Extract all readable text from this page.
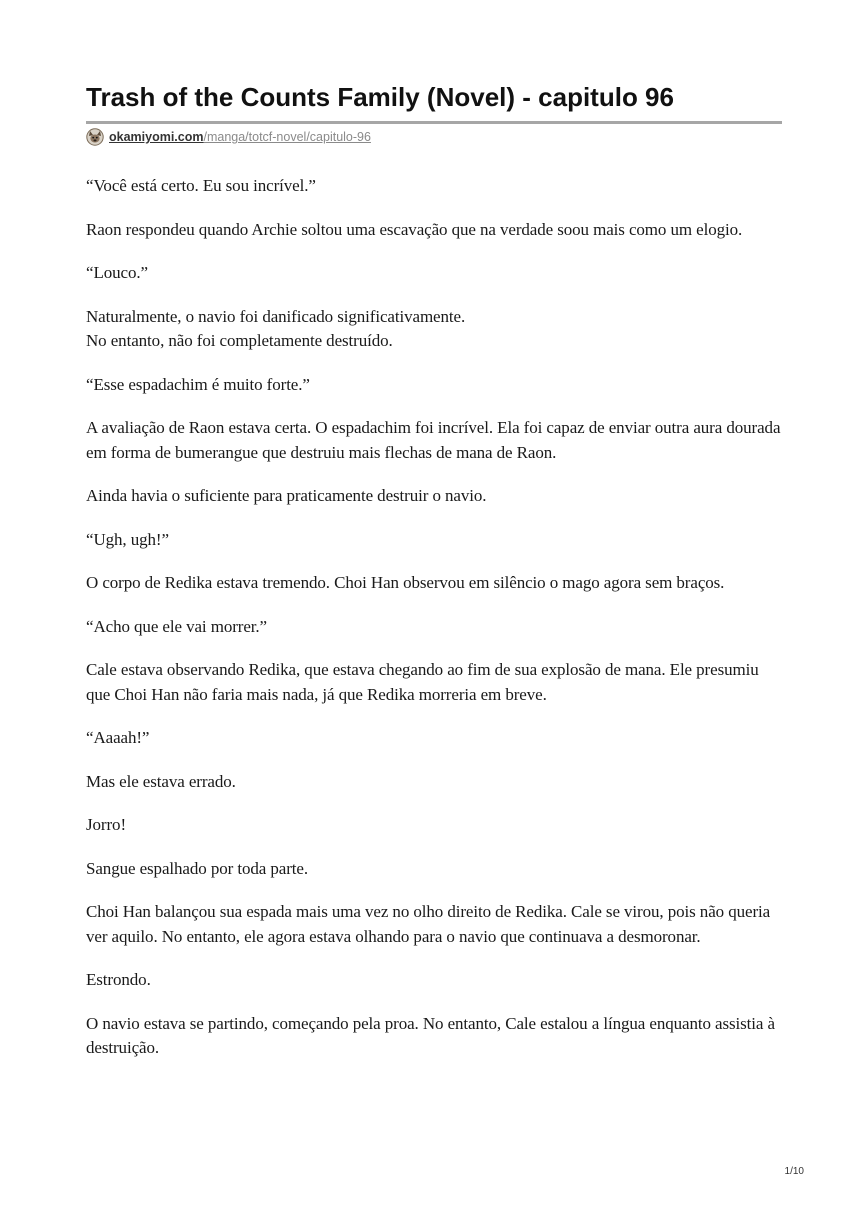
Trash of the Counts Family (Novel) - capitulo 96
okamiyomi.com /manga/totcf-novel/capitulo-96

“Você está certo. Eu sou incrível.”

Raon respondeu quando Archie soltou uma escavação que na verdade soou mais como um elogio.

“Louco.”

Naturalmente, o navio foi danificado significativamente.
No entanto, não foi completamente destruído.

“Esse espadachim é muito forte.”

A avaliação de Raon estava certa. O espadachim foi incrível. Ela foi capaz de enviar outra aura dourada em forma de bumerangue que destruiu mais flechas de mana de Raon.

Ainda havia o suficiente para praticamente destruir o navio.

“Ugh, ugh!”

O corpo de Redika estava tremendo. Choi Han observou em silêncio o mago agora sem braços.

“Acho que ele vai morrer.”

Cale estava observando Redika, que estava chegando ao fim de sua explosão de mana. Ele presumiu que Choi Han não faria mais nada, já que Redika morreria em breve.

“Aaaah!”

Mas ele estava errado.

Jorro!

Sangue espalhado por toda parte.

Choi Han balançou sua espada mais uma vez no olho direito de Redika. Cale se virou, pois não queria ver aquilo. No entanto, ele agora estava olhando para o navio que continuava a desmoronar.

Estrondo.

O navio estava se partindo, começando pela proa. No entanto, Cale estalou a língua enquanto assistia à destruição.

1/10
